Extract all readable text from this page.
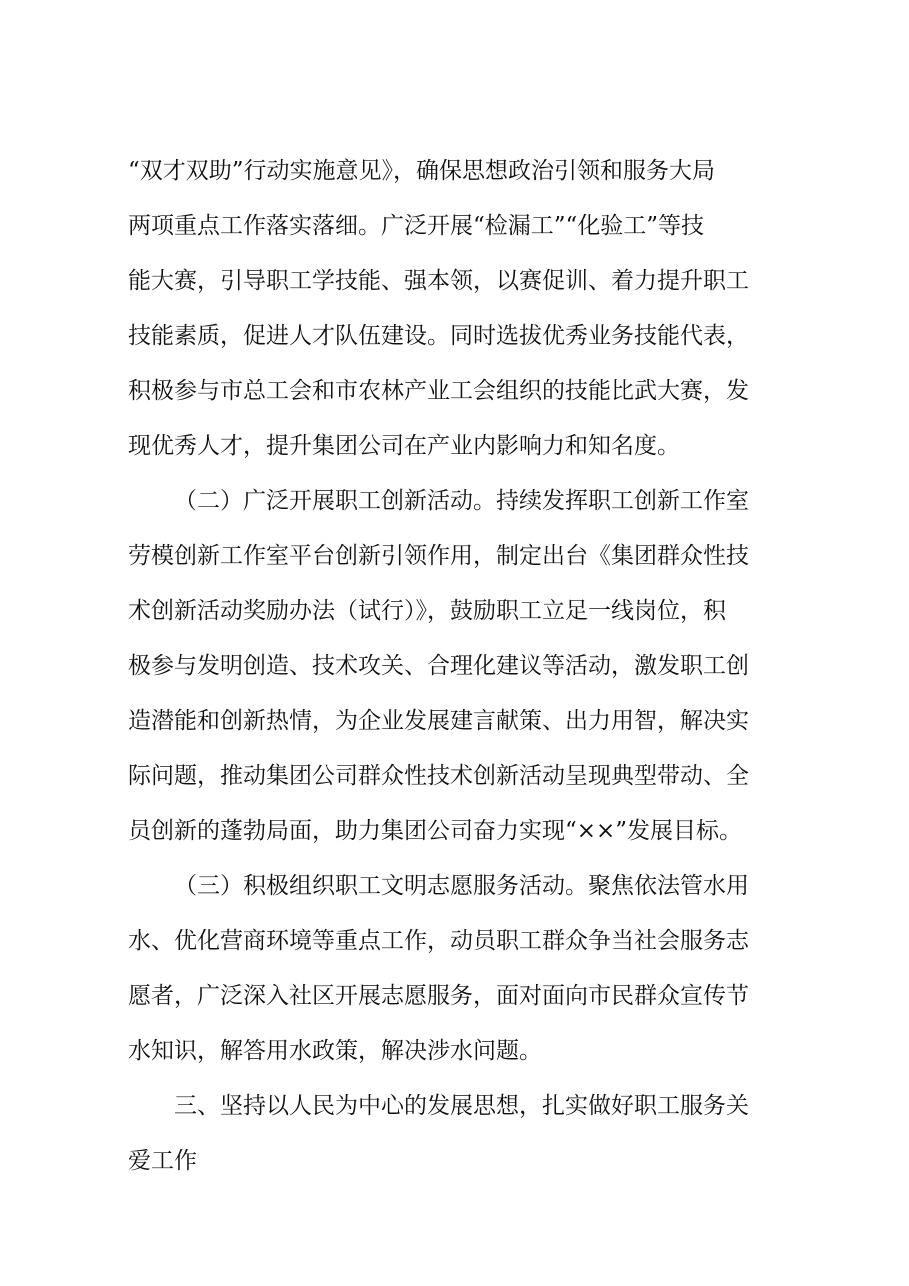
“双才双助”行动实施意见》，确保思想政治引领和服务大局
两项重点工作落实落细。广泛开展“检漏工”“化验工”等技
能大赛，引导职工学技能、强本领，以赛促训、着力提升职工
技能素质，促进人才队伍建设。同时选拔优秀业务技能代表，
积极参与市总工会和市农林产业工会组织的技能比武大赛，发
现优秀人才，提升集团公司在产业内影响力和知名度。
（二）广泛开展职工创新活动。持续发挥职工创新工作室
劳模创新工作室平台创新引领作用，制定出台《集团群众性技
术创新活动奖励办法（试行）》，鼓励职工立足一线岗位，积
极参与发明创造、技术攻关、合理化建议等活动，激发职工创
造潜能和创新热情，为企业发展建言献策、出力用智，解决实
际问题，推动集团公司群众性技术创新活动呈现典型带动、全
员创新的蓬勃局面，助力集团公司奋力实现“××”发展目标。
（三）积极组织职工文明志愿服务活动。聚焦依法管水用
水、优化营商环境等重点工作，动员职工群众争当社会服务志
愿者，广泛深入社区开展志愿服务，面对面向市民群众宣传节
水知识，解答用水政策，解决涉水问题。
三、坚持以人民为中心的发展思想，扎实做好职工服务关
爱工作
